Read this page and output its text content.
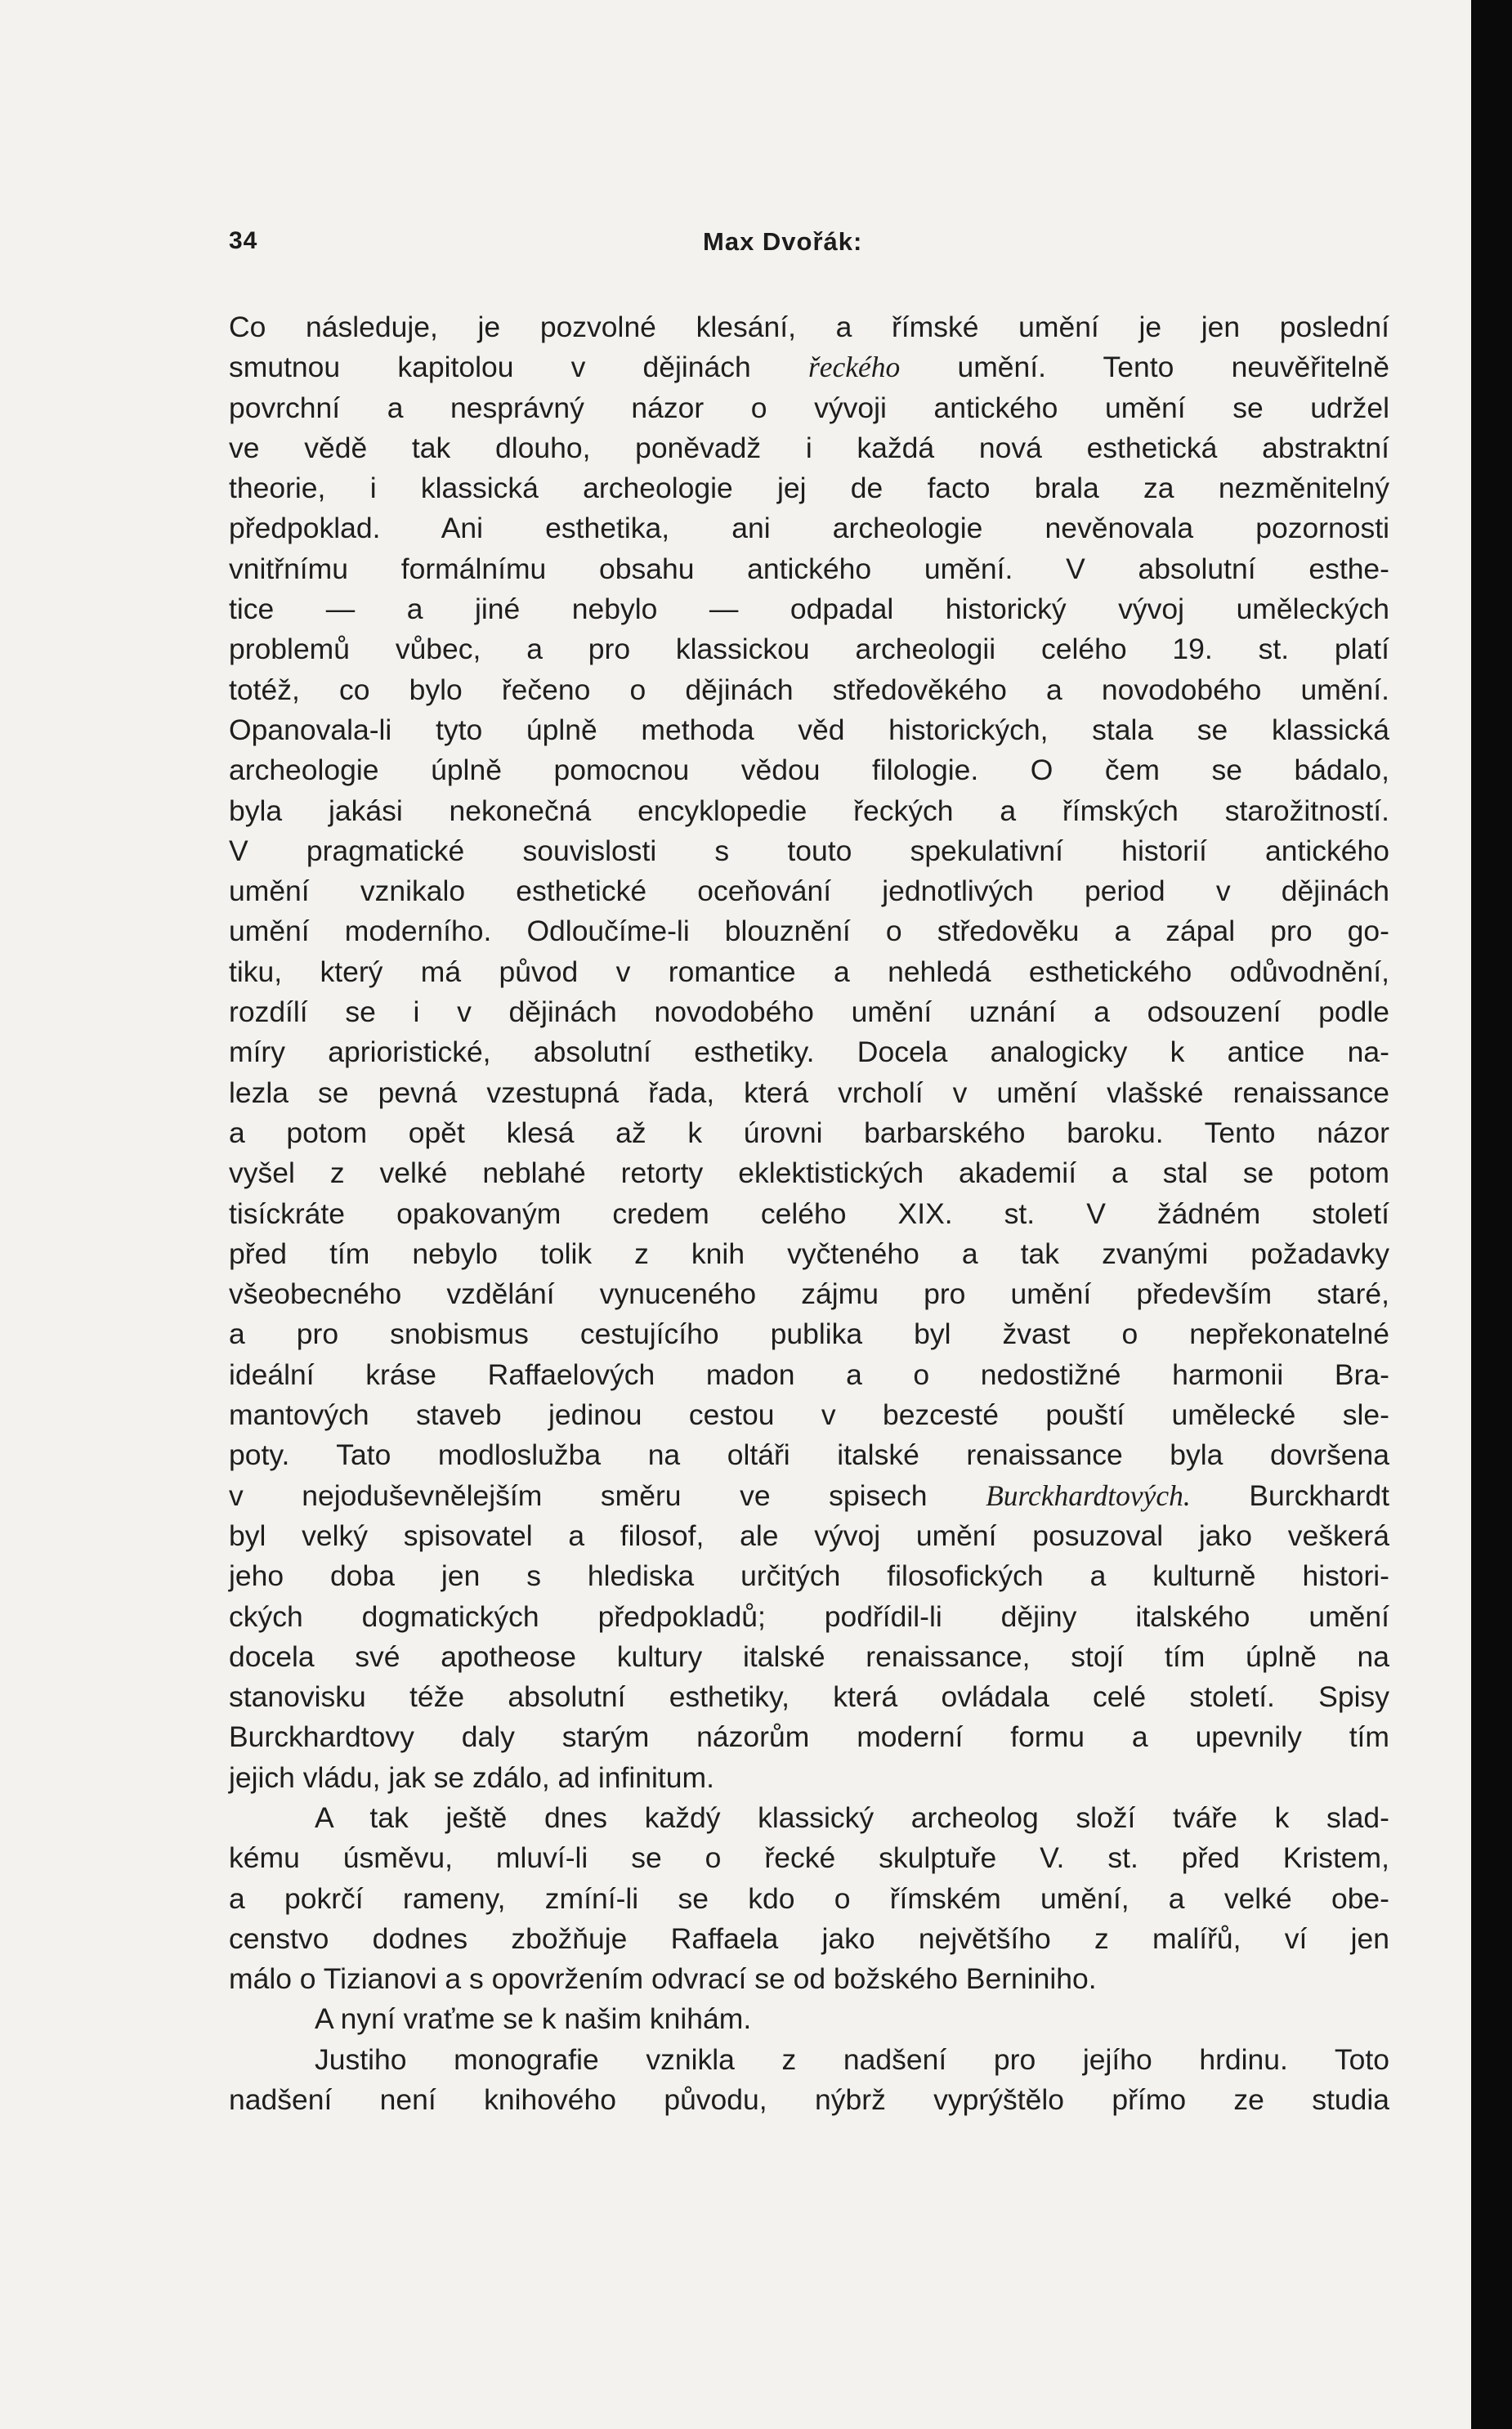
34	Max Dvořák:
Co následuje, je pozvolné klesání, a římské umění je jen poslední
smutnou kapitolou v dějinách řeckého umění. Tento neuvěřitelně
povrchní a nesprávný názor o vývoji antického umění se udržel
ve vědě tak dlouho, poněvadž i každá nová esthetická abstraktní
theorie, i klassická archeologie jej de facto brala za nezměnitelný
předpoklad. Ani esthetika, ani archeologie nevěnovala pozornosti
vnitřnímu formálnímu obsahu antického umění. V absolutní esthe-
tice — a jiné nebylo — odpadal historický vývoj uměleckých
problemů vůbec, a pro klassickou archeologii celého 19. st. platí
totéž, co bylo řečeno o dějinách středověkého a novodobého umění.
Opanovala-li tyto úplně methoda věd historických, stala se klassická
archeologie úplně pomocnou vědou filologie. O čem se bádalo,
byla jakási nekonečná encyklopedie řeckých a římských starožitností.
V pragmatické souvislosti s touto spekulativní historií antického
umění vznikalo esthetické oceňování jednotlivých period v dějinách
umění moderního. Odloučíme-li blouznění o středověku a zápal pro go-
tiku, který má původ v romantice a nehledá esthetického odůvodnění,
rozdílí se i v dějinách novodobého umění uznání a odsouzení podle
míry aprioristické, absolutní esthetiky. Docela analogicky k antice na-
lezla se pevná vzestupná řada, která vrcholí v umění vlašské renaissance
a potom opět klesá až k úrovni barbarského baroku. Tento názor
vyšel z velké neblahé retorty eklektistických akademií a stal se potom
tisíckráte opakovaným credem celého XIX. st. V žádném století
před tím nebylo tolik z knih vyčteného a tak zvanými požadavky
všeobecného vzdělání vynuceného zájmu pro umění především staré,
a pro snobismus cestujícího publika byl žvast o nepřekonatelné
ideální kráse Raffaelových madon a o nedostižné harmonii Bra-
mantových staveb jedinou cestou v bezcesté pouští umělecké sle-
poty. Tato modloslužba na oltáři italské renaissance byla dovršena
v nejoduševnělejším směru ve spisech Burckhardtových. Burckhardt
byl velký spisovatel a filosof, ale vývoj umění posuzoval jako veškerá
jeho doba jen s hlediska určitých filosofických a kulturně histori-
ckých dogmatických předpokladů; podřídil-li dějiny italského umění
docela své apotheose kultury italské renaissance, stojí tím úplně na
stanovisku téže absolutní esthetiky, která ovládala celé století. Spisy
Burckhardtovy daly starým názorům moderní formu a upevnily tím
jejich vládu, jak se zdálo, ad infinitum.
A tak ještě dnes každý klassický archeolog složí tváře k slad-
kému úsměvu, mluví-li se o řecké skulptuře V. st. před Kristem,
a pokrčí rameny, zmíní-li se kdo o římském umění, a velké obe-
censtvo dodnes zbožňuje Raffaela jako největšího z malířů, ví jen
málo o Tizianovi a s opovržením odvrací se od božského Berniniho.
A nyní vraťme se k našim knihám.
Justiho monografie vznikla z nadšení pro jejího hrdinu. Toto
nadšení není knihového původu, nýbrž vyprýštělo přímo ze studia
